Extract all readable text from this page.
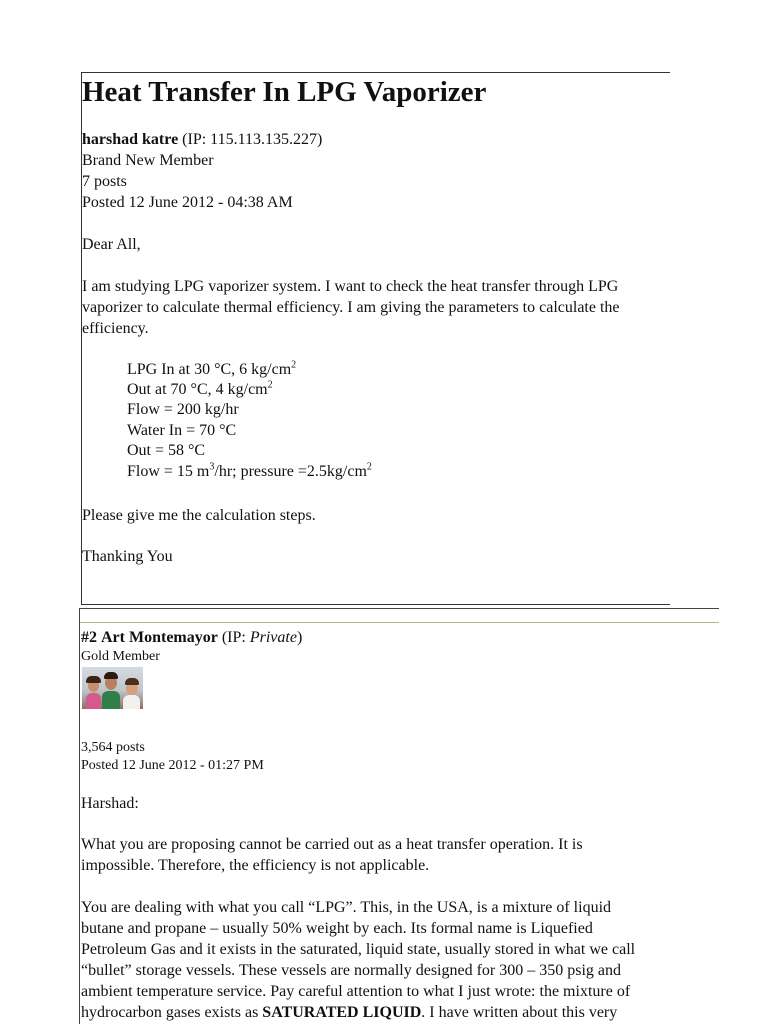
Heat Transfer In LPG Vaporizer
harshad katre (IP: 115.113.135.227)
Brand New Member
7 posts
Posted 12 June 2012 - 04:38 AM
Dear All,
I am studying LPG vaporizer system. I want to check the heat transfer through LPG
vaporizer to calculate thermal efficiency. I am giving the parameters to calculate the
efficiency.
LPG In at 30 °C, 6 $kg/cm^2$
Out at 70 °C, 4 $kg/cm^2$
Flow = 200 kg/hr
Water In = 70 °C
Out = 58 °C
Flow = 15 $m^3/hr$; pressure $=2.5kg/cm^2$
Please give me the calculation steps.
Thanking You
#2 Art Montemayor (IP: Private)
Gold Member
3,564 posts
Posted 12 June 2012 - 01:27 PM
Harshad:
What you are proposing cannot be carried out as a heat transfer operation. It is
impossible. Therefore, the efficiency is not applicable.
You are dealing with what you call “LPG”. This, in the USA, is a mixture of liquid
butane and propane – usually 50% weight by each. Its formal name is Liquefied
Petroleum Gas and it exists in the saturated, liquid state, usually stored in what we call
“bullet” storage vessels. These vessels are normally designed for 300 – 350 psig and
ambient temperature service. Pay careful attention to what I just wrote: the mixture of
hydrocarbon gases exists as SATURATED LIQUID. I have written about this very
